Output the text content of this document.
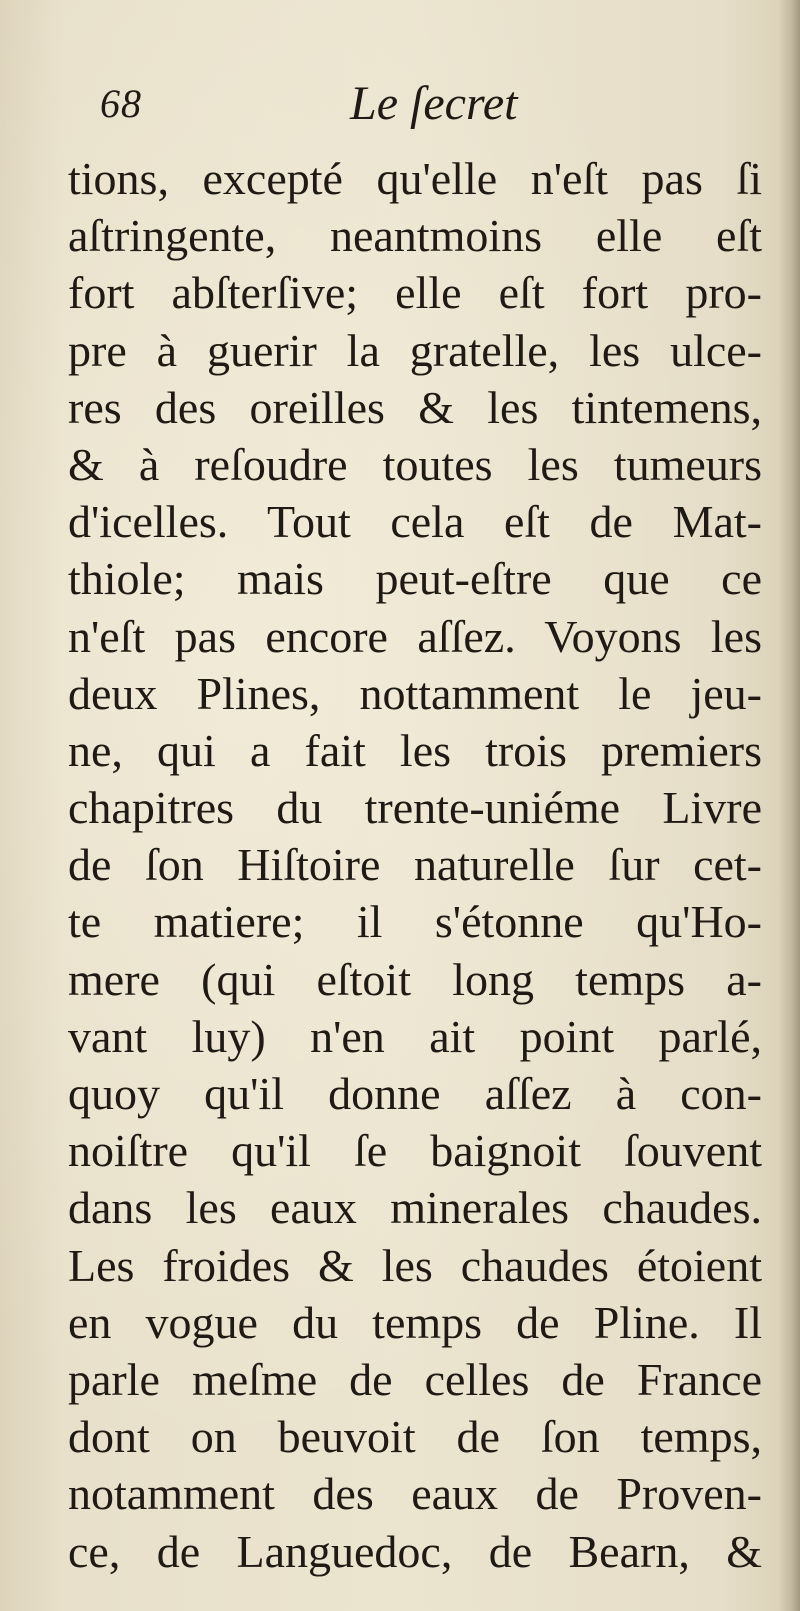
68	Le ſecret
tions, excepté qu'elle n'eſt pas ſi
aſtringente, neantmoins elle eſt
fort abſterſive; elle eſt fort pro-
pre à guerir la gratelle, les ulce-
res des oreilles & les tintemens,
& à reſoudre toutes les tumeurs
d'icelles. Tout cela eſt de Mat-
thiole; mais peut-eſtre que ce
n'eſt pas encore aſſez. Voyons les
deux Plines, nottamment le jeu-
ne, qui a fait les trois premiers
chapitres du trente-uniéme Livre
de ſon Hiſtoire naturelle ſur cet-
te matiere; il s'étonne qu'Ho-
mere (qui eſtoit long temps a-
vant luy) n'en ait point parlé,
quoy qu'il donne aſſez à con-
noiſtre qu'il ſe baignoit ſouvent
dans les eaux minerales chaudes.
Les froides & les chaudes étoient
en vogue du temps de Pline. Il
parle meſme de celles de France
dont on beuvoit de ſon temps,
notamment des eaux de Proven-
ce, de Languedoc, de Bearn, &
